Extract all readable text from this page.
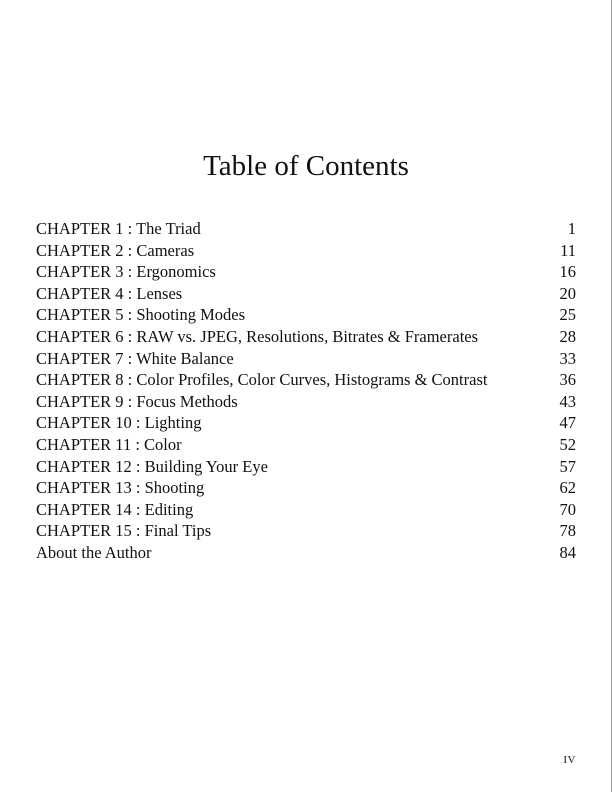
Table of Contents
CHAPTER 1 : The Triad	1
CHAPTER 2 : Cameras	11
CHAPTER 3 : Ergonomics	16
CHAPTER 4 : Lenses	20
CHAPTER 5 : Shooting Modes	25
CHAPTER 6 : RAW vs. JPEG, Resolutions, Bitrates & Framerates	28
CHAPTER 7 : White Balance	33
CHAPTER 8 : Color Profiles, Color Curves, Histograms & Contrast	36
CHAPTER 9 : Focus Methods	43
CHAPTER 10 : Lighting	47
CHAPTER 11 : Color	52
CHAPTER 12 : Building Your Eye	57
CHAPTER 13 : Shooting	62
CHAPTER 14 : Editing	70
CHAPTER 15 : Final Tips	78
About the Author	84
IV
